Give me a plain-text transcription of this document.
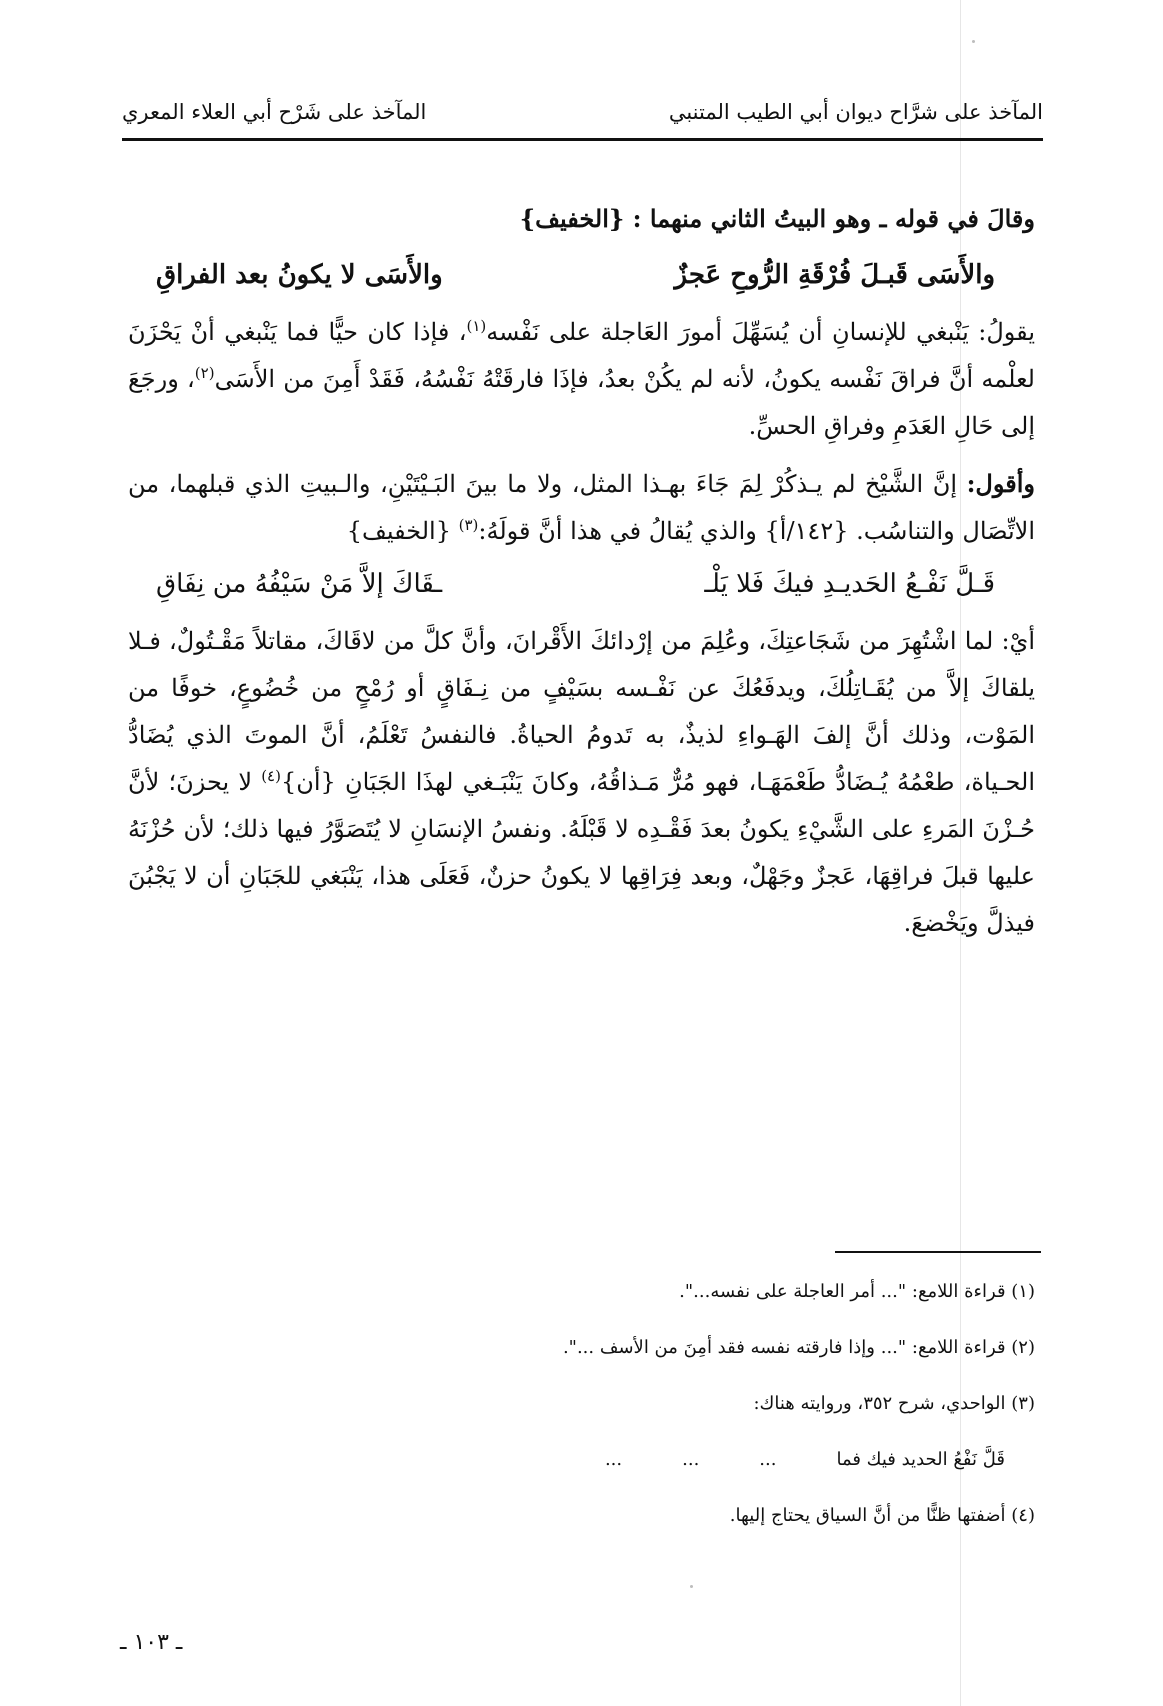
المآخذ على شرَّاح ديوان أبي الطيب المتنبي
المآخذ على شَرْح أبي العلاء المعري

وقالَ في قوله ـ وهو البيتُ الثاني منهما : {الخفيف}

والأَسَى قَبـلَ فُرْقَةِ الرُّوحِ عَجزٌ
والأَسَى لا يكونُ بعد الفراقِ

يقولُ: يَنْبغي للإنسانِ أن يُسَهِّلَ أمورَ العَاجلة على نَفْسه$^{(١)}$، فإذا كان حيًّا فما يَنْبغي أنْ يَحْزَنَ لعلْمه أنَّ فراقَ نَفْسه يكونُ، لأنه لم يكُنْ بعدُ، فإذَا فارقَتْهُ نَفْسُهُ، فَقَدْ أَمِنَ من الأَسَى$^{(٢)}$، ورجَعَ إلى حَالِ العَدَمِ وفراقِ الحسِّ.

وأقول: إنَّ الشَّيْخ لم يـذكُرْ لِمَ جَاءَ بهـذا المثل، ولا ما بينَ البَـيْتَيْنِ، والـبيتِ الذي قبلهما، من الاتِّصَال والتناسُب. {١٤٢/أ} والذي يُقالُ في هذا أنَّ قولَهُ:$^{(٣)}$ {الخفيف}

قَـلَّ نَفْـعُ الحَديـدِ فيكَ فَلا يَلْـ
ـقَاكَ إلاَّ مَنْ سَيْفُهُ من نِفَاقِ

أيْ: لما اشْتُهِرَ من شَجَاعتِكَ، وعُلِمَ من إرْدائكَ الأَقْرانَ، وأنَّ كلَّ من لاقَاكَ، مقاتلاً مَقْـتُولٌ، فـلا يلقاكَ إلاَّ من يُقَـاتِلُكَ، ويدفَعُكَ عن نَفْـسه بسَيْفٍ من نِـفَاقٍ أو رُمْحٍ من خُضُوعٍ، خوفًا من المَوْت، وذلك أنَّ إلفَ الهَـواءِ لذيذٌ، به تَدومُ الحياةُ. فالنفسُ تَعْلَمُ، أنَّ الموتَ الذي يُضَادُّ الحـياة، طعْمُهُ يُـضَادُّ طَعْمَهَـا، فهو مُرٌّ مَـذاقُهُ، وكانَ يَنْبَـغي لهذَا الجَبَانِ {أن}$^{(٤)}$ لا يحزنَ؛ لأنَّ حُـزْنَ المَرءِ على الشَّيْءِ يكونُ بعدَ فَقْـدِه لا قَبْلَهُ. ونفسُ الإنسَانِ لا يُتَصَوَّرُ فيها ذلك؛ لأن حُزْنَهُ عليها قبلَ فراقِهَا، عَجزٌ وجَهْلٌ، وبعد فِرَاقِها لا يكونُ حزنٌ، فَعَلَى هذا، يَنْبَغي للجَبَانِ أن لا يَجْبُنَ فيذلَّ ويَخْضعَ.

(١) قراءة اللامع: "... أمر العاجلة على نفسه...".

(٢) قراءة اللامع: "... وإذا فارقته نفسه فقد أمِنَ من الأسف ...".

(٣) الواحدي، شرح ٣٥٢، وروايته هناك:

قَلَّ نَفْعُ الحديد فيك فما
...
...
...

(٤) أضفتها ظنًّا من أنَّ السياق يحتاج إليها.

ـ ١٠٣ ـ
